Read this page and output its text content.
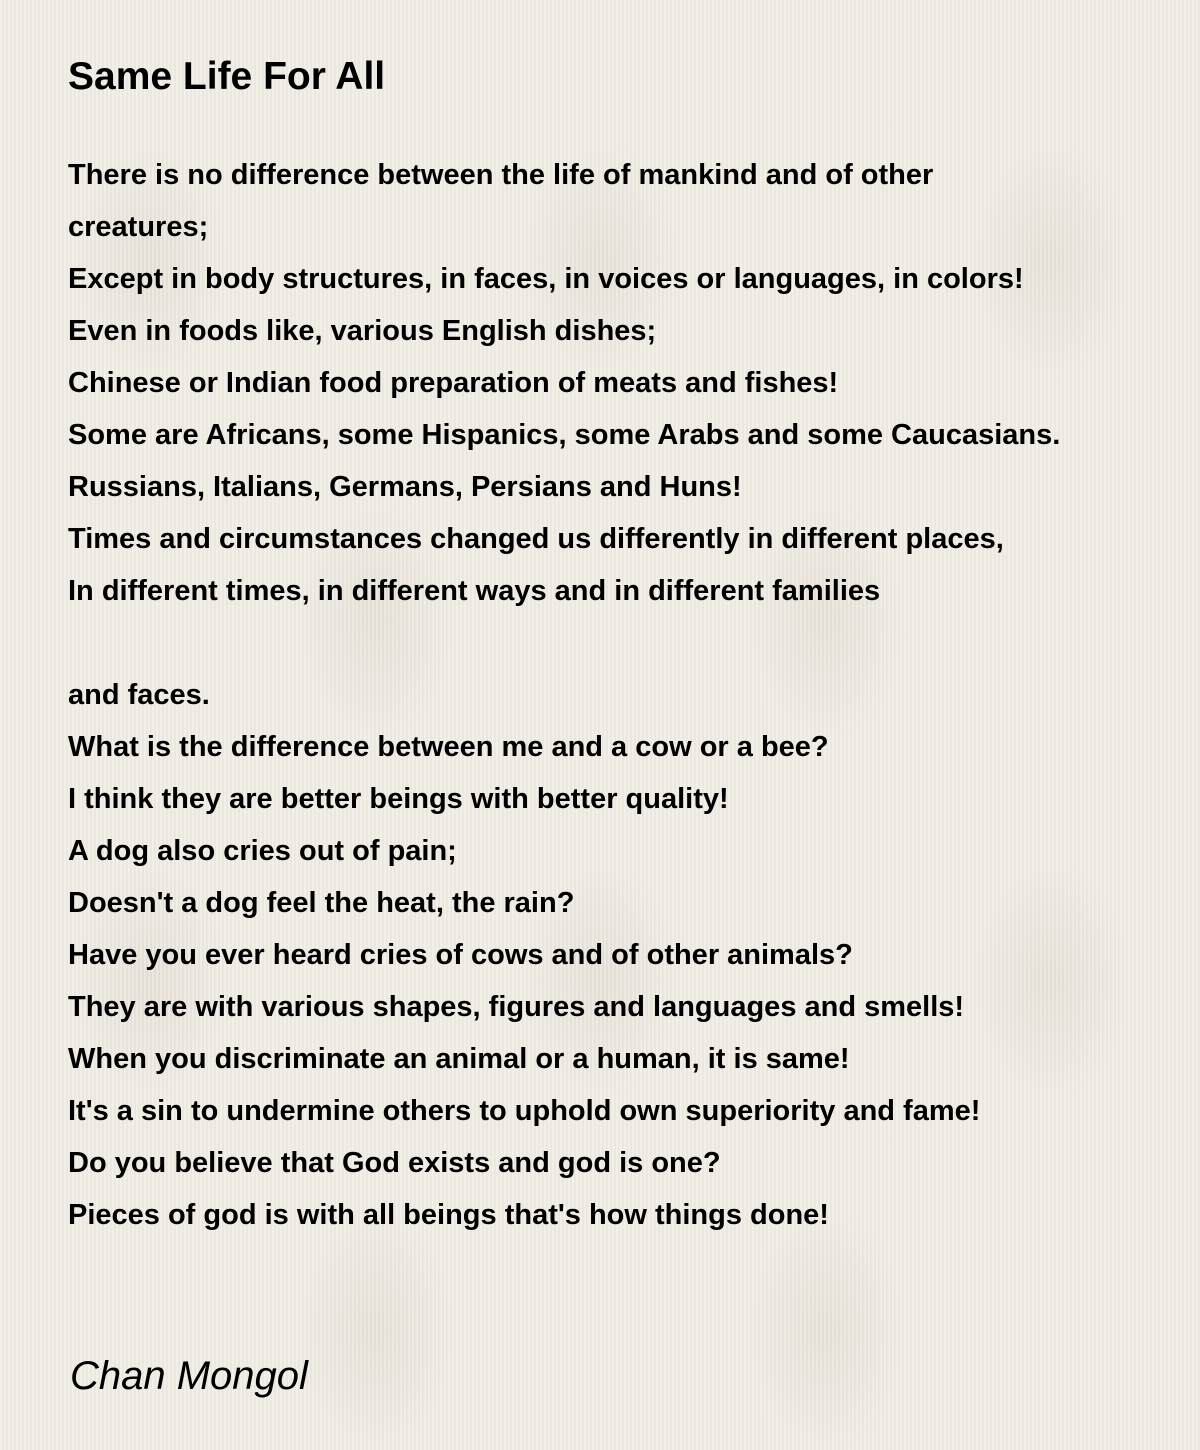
Same Life For All
There is no difference between the life of mankind and of other
creatures;
Except in body structures, in faces, in voices or languages, in colors!
Even in foods like, various English dishes;
Chinese or Indian food preparation of meats and fishes!
Some are Africans, some Hispanics, some Arabs and some Caucasians.
Russians, Italians, Germans, Persians and Huns!
Times and circumstances changed us differently in different places,
In different times, in different ways and in different families
and faces.
What is the difference between me and a cow or a bee?
I think they are better beings with better quality!
A dog also cries out of pain;
Doesn't a dog feel the heat, the rain?
Have you ever heard cries of cows and of other animals?
They are with various shapes, figures and languages and smells!
When you discriminate an animal or a human, it is same!
It's a sin to undermine others to uphold own superiority and fame!
Do you believe that God exists and god is one?
Pieces of god is with all beings that's how things done!

Chan Mongol
